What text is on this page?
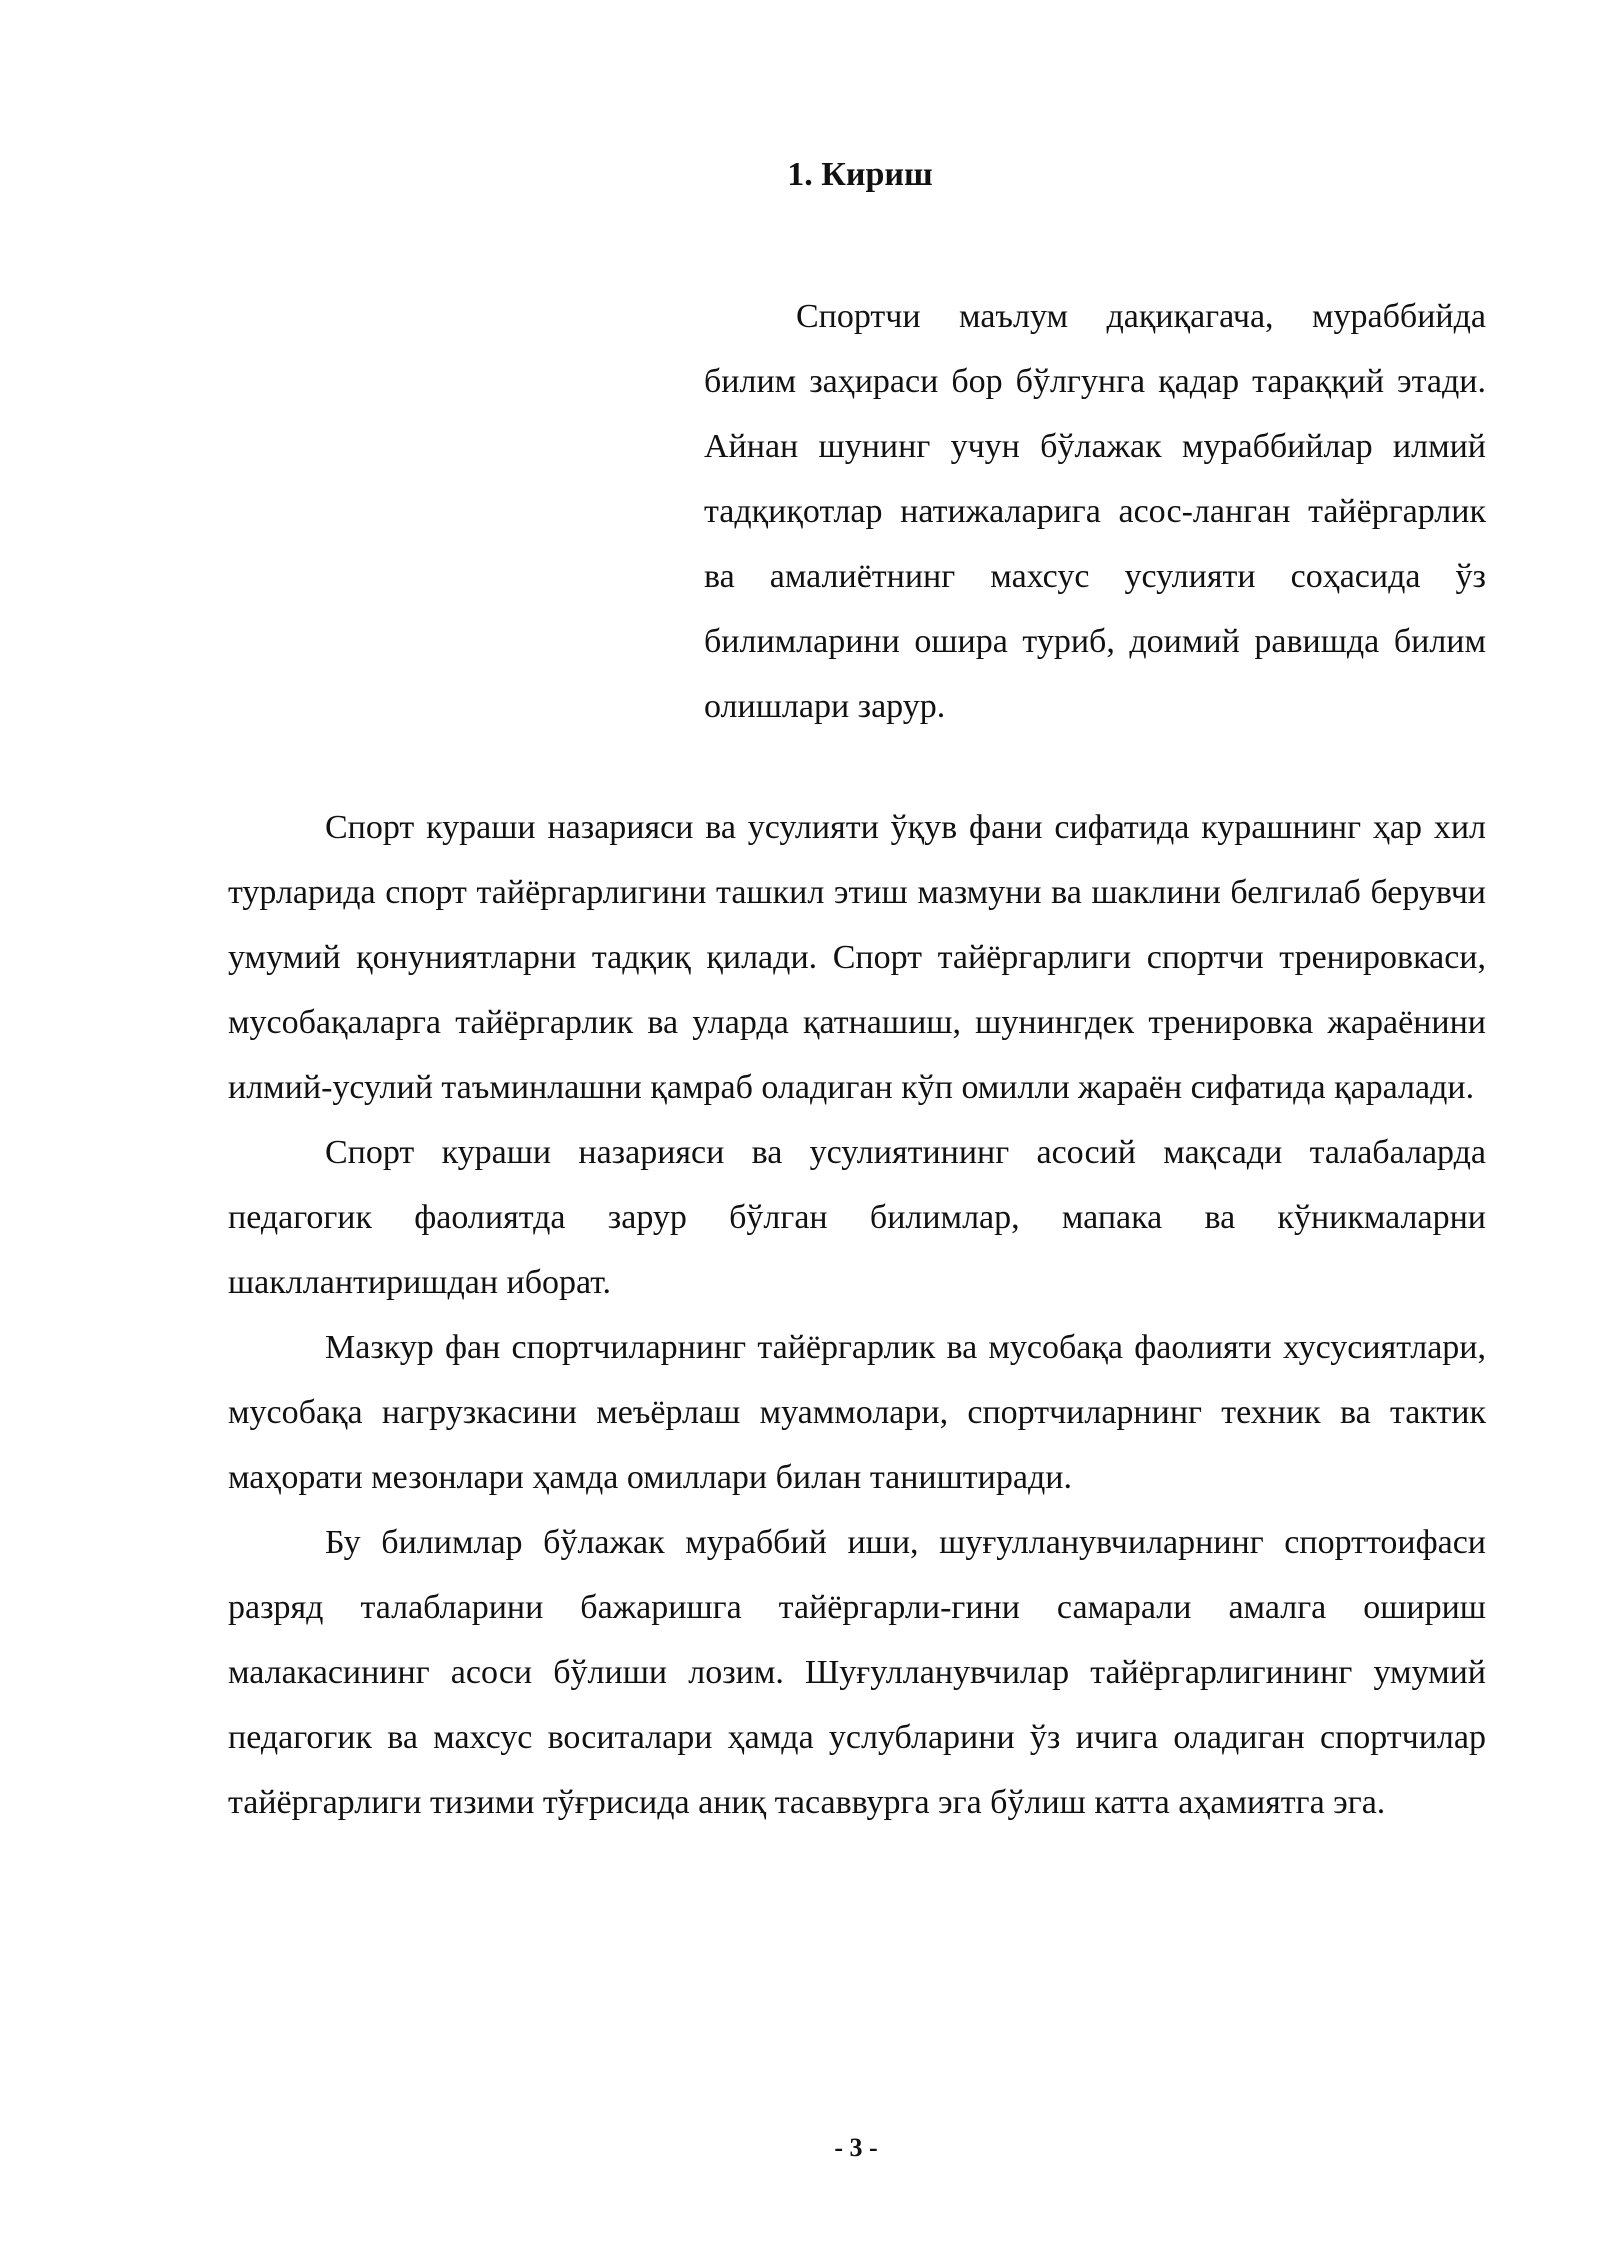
1. Кириш

Спортчи маълум дақиқагача, мураббийда билим заҳираси бор бўлгунга қадар тараққий этади. Айнан шунинг учун бўлажак мураббийлар илмий тадқиқотлар натижаларига асос-ланган тайёргарлик ва амалиётнинг махсус усулияти соҳасида ўз билимларини ошира туриб, доимий равишда билим олишлари зарур.

Спорт кураши назарияси ва усулияти ўқув фани сифатида курашнинг ҳар хил турларида спорт тайёргарлигини ташкил этиш мазмуни ва шаклини белгилаб берувчи умумий қонуниятларни тадқиқ қилади. Спорт тайёргарлиги спортчи тренировкаси, мусобақаларга тайёргарлик ва уларда қатнашиш, шунингдек тренировка жараёнини илмий-усулий таъминлашни қамраб оладиган кўп омилли жараён сифатида қаралади.

Спорт кураши назарияси ва усулиятининг асосий мақсади талабаларда педагогик фаолиятда зарур бўлган билимлар, мапака ва кўникмаларни шакллантиришдан иборат.

Мазкур фан спортчиларнинг тайёргарлик ва мусобақа фаолияти хусусиятлари, мусобақа нагрузкасини меъёрлаш муаммолари, спортчиларнинг техник ва тактик маҳорати мезонлари ҳамда омиллари билан таништиради.

Бу билимлар бўлажак мураббий иши, шуғулланувчиларнинг спорттоифаси разряд талабларини бажаришга тайёргарли-гини самарали амалга ошириш малакасининг асоси бўлиши лозим. Шуғулланувчилар тайёргарлигининг умумий педагогик ва махсус воситалари ҳамда услубларини ўз ичига оладиган спортчилар тайёргарлиги тизими тўғрисида аниқ тасаввурга эга бўлиш катта аҳамиятга эга.

- 3 -
